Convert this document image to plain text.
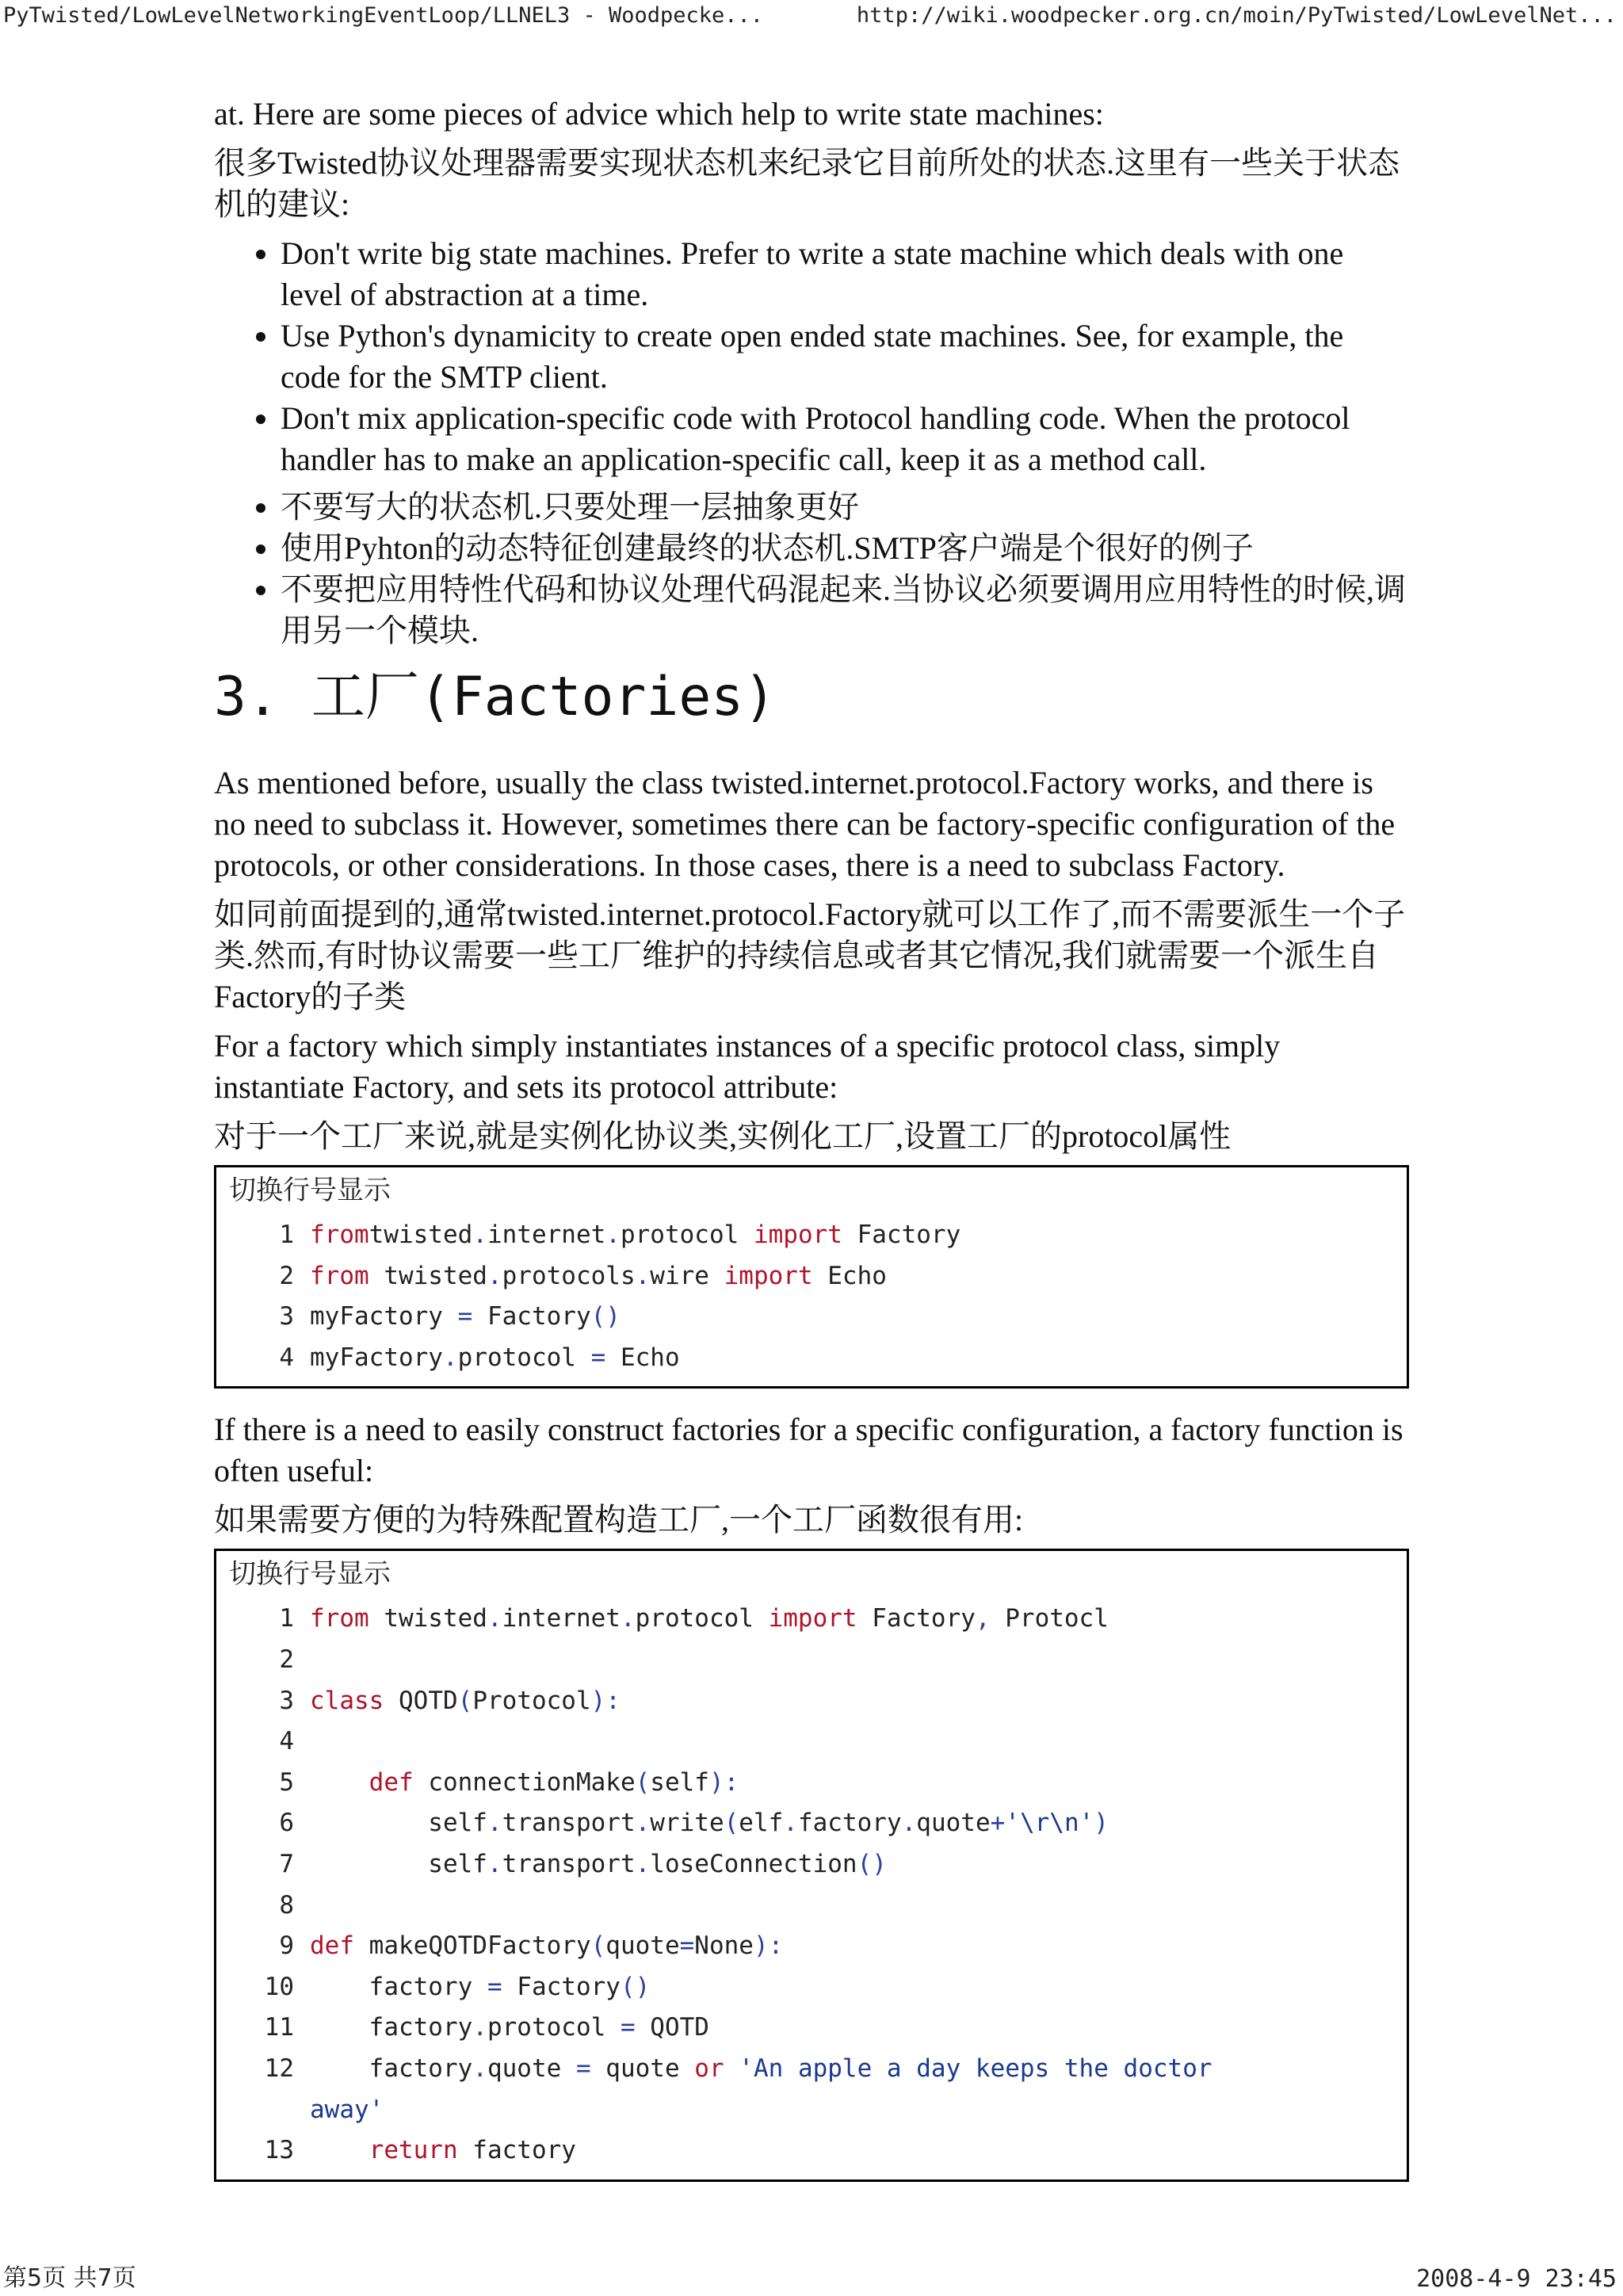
PyTwisted/LowLevelNetworkingEventLoop/LLNEL3 - Woodpecke...	http://wiki.woodpecker.org.cn/moin/PyTwisted/LowLevelNet...

at. Here are some pieces of advice which help to write state machines:

很多Twisted协议处理器需要实现状态机来纪录它目前所处的状态.这里有一些关于状态机的建议:

• Don't write big state machines. Prefer to write a state machine which deals with one level of abstraction at a time.
• Use Python's dynamicity to create open ended state machines. See, for example, the code for the SMTP client.
• Don't mix application-specific code with Protocol handling code. When the protocol handler has to make an application-specific call, keep it as a method call.
• 不要写大的状态机.只要处理一层抽象更好
• 使用Pyhton的动态特征创建最终的状态机.SMTP客户端是个很好的例子
• 不要把应用特性代码和协议处理代码混起来.当协议必须要调用应用特性的时候,调用另一个模块.
3. 工厂(Factories)

As mentioned before, usually the class twisted.internet.protocol.Factory works, and there is no need to subclass it. However, sometimes there can be factory-specific configuration of the protocols, or other considerations. In those cases, there is a need to subclass Factory.

如同前面提到的,通常twisted.internet.protocol.Factory就可以工作了,而不需要派生一个子类.然而,有时协议需要一些工厂维护的持续信息或者其它情况,我们就需要一个派生自Factory的子类

For a factory which simply instantiates instances of a specific protocol class, simply instantiate Factory, and sets its protocol attribute:

对于一个工厂来说,就是实例化协议类,实例化工厂,设置工厂的protocol属性

切换行号显示
1 fromtwisted.internet.protocol import Factory
2 from twisted.protocols.wire import Echo
3 myFactory = Factory()
4 myFactory.protocol = Echo

If there is a need to easily construct factories for a specific configuration, a factory function is often useful:

如果需要方便的为特殊配置构造工厂,一个工厂函数很有用:

切换行号显示
1 from twisted.internet.protocol import Factory, Protocl
2
3 class QOTD(Protocol):
4
5	def connectionMake(self):
6        self.transport.write(elf.factory.quote+'\r\n')
7        self.transport.loseConnection()
8
9 def makeQOTDFactory(quote=None):
10    factory = Factory()
11    factory.protocol = QOTD
12    factory.quote = quote or 'An apple a day keeps the doctor
away'
13	return factory
第5页 共7页	2008-4-9 23:45
